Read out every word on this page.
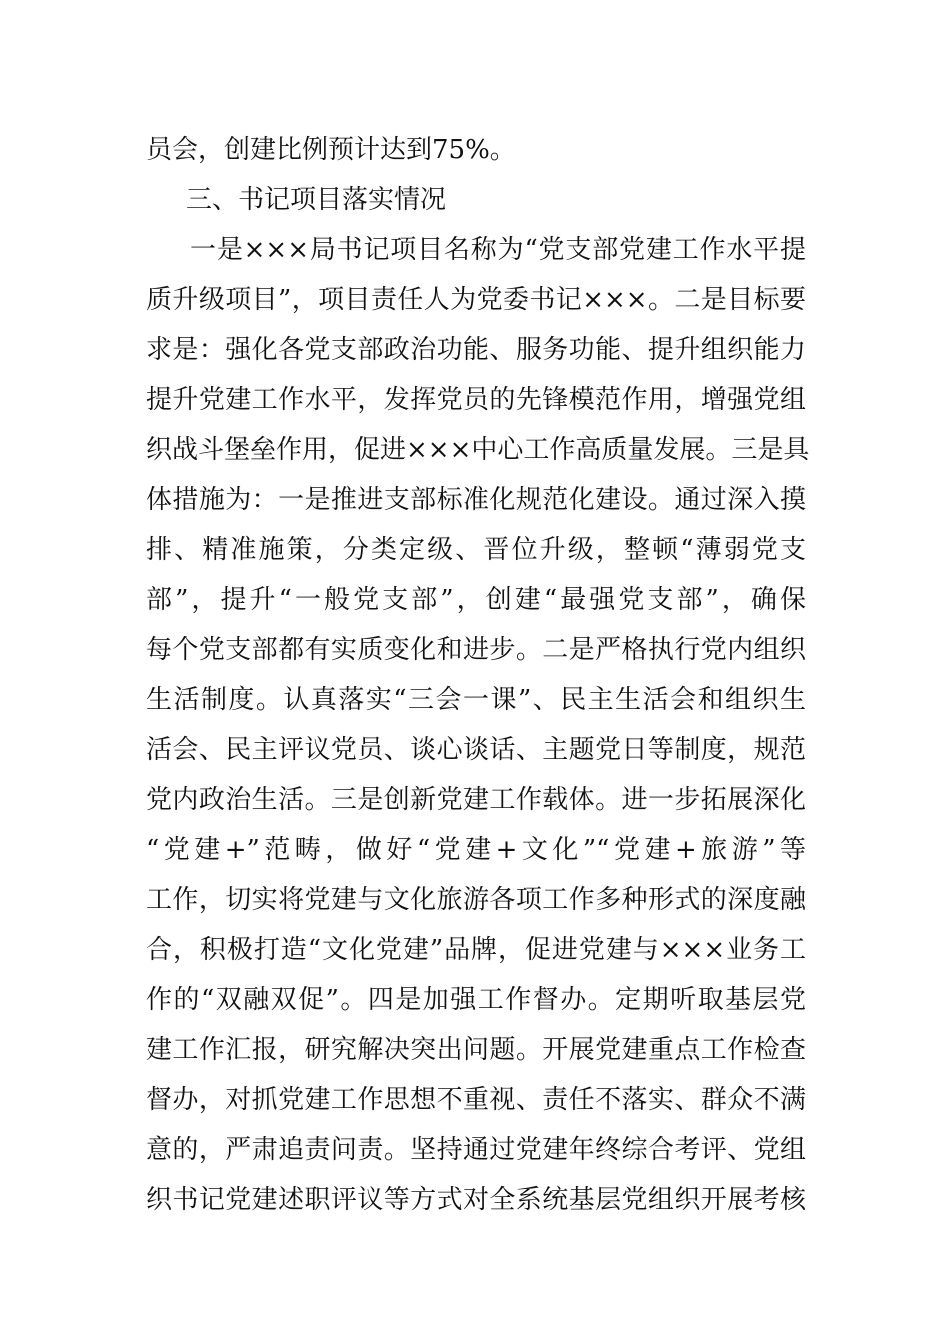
员会，创建比例预计达到75%。
三、书记项目落实情况
一是×××局书记项目名称为“党支部党建工作水平提
质升级项目”，项目责任人为党委书记×××。二是目标要
求是：强化各党支部政治功能、服务功能、提升组织能力
提升党建工作水平，发挥党员的先锋模范作用，增强党组
织战斗堡垒作用，促进×××中心工作高质量发展。三是具
体措施为：一是推进支部标准化规范化建设。通过深入摸
排、精准施策，分类定级、晋位升级，整顿“薄弱党支
部”，提升“一般党支部”，创建“最强党支部”，确保
每个党支部都有实质变化和进步。二是严格执行党内组织
生活制度。认真落实“三会一课”、民主生活会和组织生
活会、民主评议党员、谈心谈话、主题党日等制度，规范
党内政治生活。三是创新党建工作载体。进一步拓展深化
“党建+”范畴，做好“党建+文化”“党建+旅游”等
工作，切实将党建与文化旅游各项工作多种形式的深度融
合，积极打造“文化党建”品牌，促进党建与×××业务工
作的“双融双促”。四是加强工作督办。定期听取基层党
建工作汇报，研究解决突出问题。开展党建重点工作检查
督办，对抓党建工作思想不重视、责任不落实、群众不满
意的，严肃追责问责。坚持通过党建年终综合考评、党组
织书记党建述职评议等方式对全系统基层党组织开展考核
